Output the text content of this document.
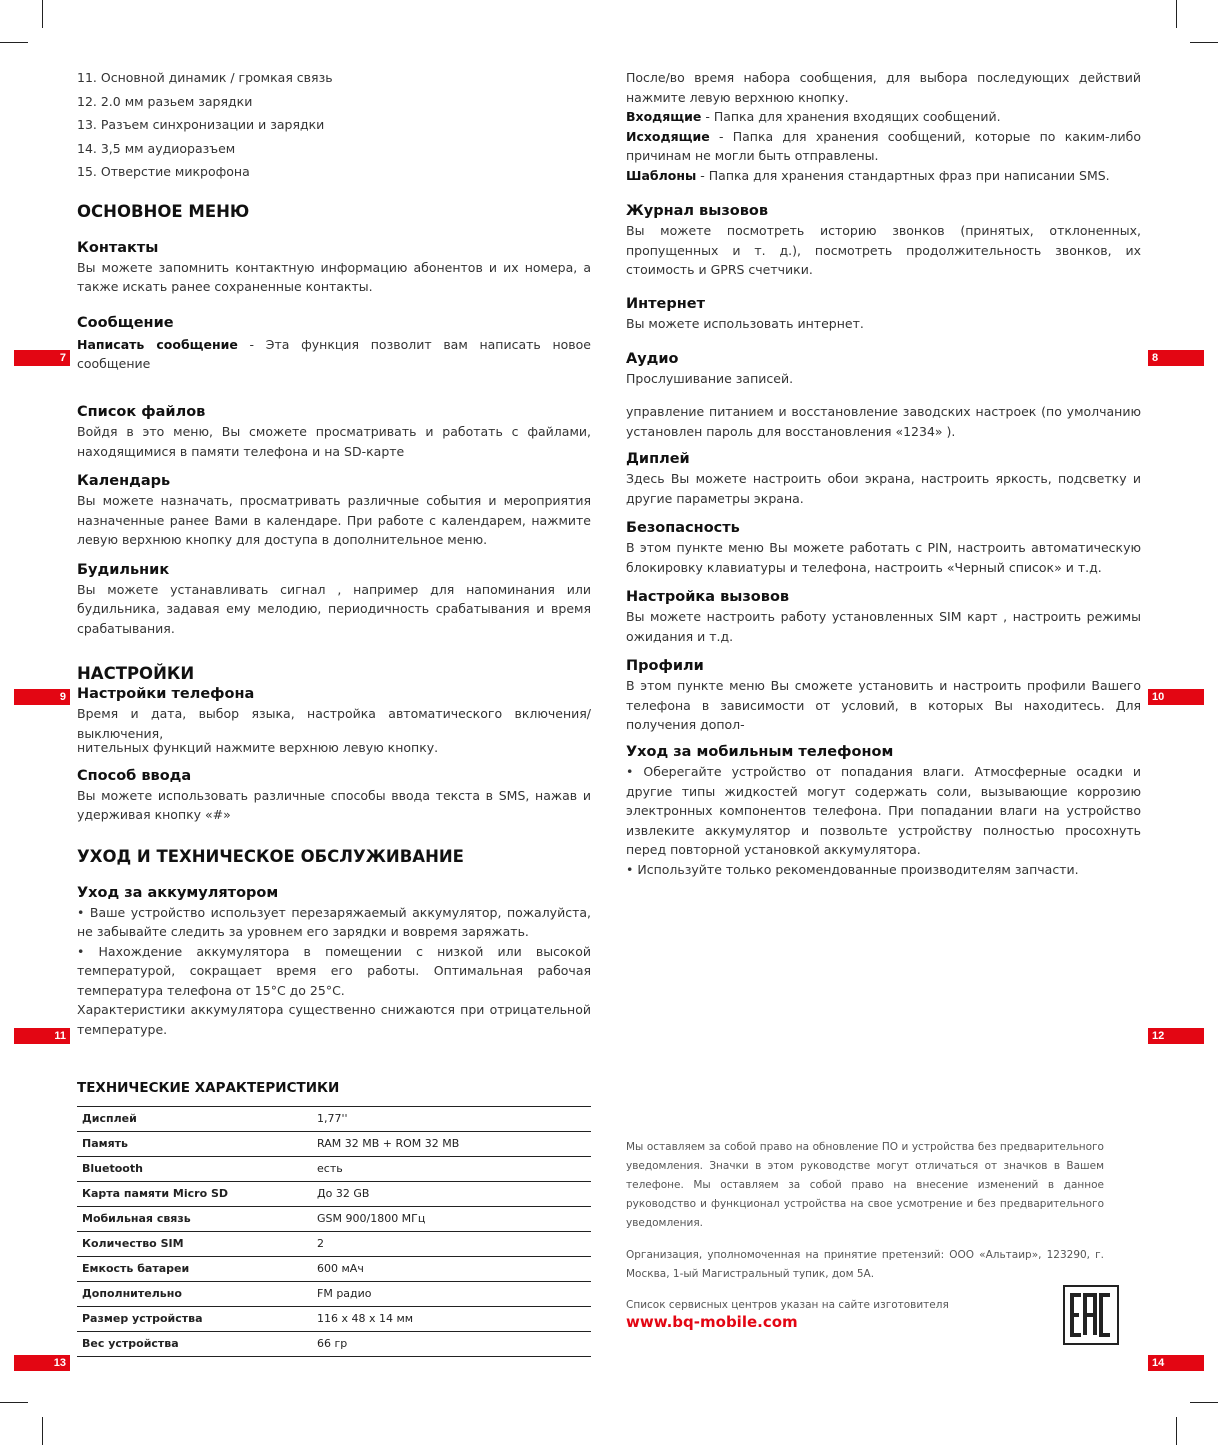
7	8
9	10
11	12
13	14
11. Основной динамик / громкая связь
12. 2.0 мм разьем зарядки
13. Разъем синхронизации и зарядки
14. 3,5 мм аудиоразъем
15. Отверстие микрофона
ОСНОВНОЕ МЕНЮ
Контакты

Вы можете запомнить контактную информацию абонентов и их номера, а также искать ранее сохраненные контакты.

Сообщение

Написать сообщение - Эта функция позволит вам написать новое сообщение

После/во время набора сообщения, для выбора последующих действий нажмите левую верхнюю кнопку.

Входящие - Папка для хранения входящих сообщений.

Исходящие - Папка для хранения сообщений, которые по каким-либо причинам не могли быть отправлены.

Шаблоны - Папка для хранения стандартных фраз при написании SMS.

Журнал вызовов

Вы можете посмотреть историю звонков (принятых, отклоненных, пропущенных и т. д.), посмотреть продолжительность звонков, их стоимость и GPRS счетчики.

Интернет

Вы можете использовать интернет.

Аудио

Прослушивание записей.

Список файлов

Войдя в это меню, Вы сможете просматривать и работать с файлами, находящимися в памяти телефона и на SD-карте

Календарь

Вы можете назначать, просматривать различные события и мероприятия назначенные ранее Вами в календаре. При работе с календарем, нажмите левую верхнюю кнопку для доступа в дополнительное меню.

Будильник

Вы можете устанавливать сигнал , например для напоминания или будильника, задавая ему мелодию, периодичность срабатывания и время срабатывания.

НАСТРОЙКИ
Настройки телефона

Время и дата, выбор языка, настройка автоматического включения/выключения,

управление питанием и восстановление заводских настроек (по умолчанию установлен пароль для восстановления «1234» ).

Диплей

Здесь Вы можете настроить обои экрана, настроить яркость, подсветку и другие параметры экрана.

Безопасность

В этом пункте меню Вы можете работать с PIN, настроить автоматическую блокировку клавиатуры и телефона, настроить «Черный список» и т.д.

Настройка вызовов

Вы можете настроить работу установленных SIM карт , настроить режимы ожидания и т.д.

Профили

В этом пункте меню Вы сможете установить и настроить профили Вашего телефона в зависимости от условий, в которых Вы находитесь. Для получения допол-

нительных функций нажмите верхнюю левую кнопку.

Способ ввода

Вы можете использовать различные способы ввода текста в SMS, нажав и удерживая кнопку «#»

УХОД И ТЕХНИЧЕСКОЕ ОБСЛУЖИВАНИЕ
Уход за аккумулятором

• Ваше устройство использует перезаряжаемый аккумулятор, пожалуйста, не забывайте следить за уровнем его зарядки и вовремя заряжать.

• Нахождение аккумулятора в помещении с низкой или высокой температурой, сокращает время его работы. Оптимальная рабочая температура телефона от 15°С до 25°С.

Характеристики аккумулятора существенно снижаются при отрицательной температуре.

Уход за мобильным телефоном

• Оберегайте устройство от попадания влаги. Атмосферные осадки и другие типы жидкостей могут содержать соли, вызывающие коррозию электронных компонентов телефона. При попадании влаги на устройство извлеките аккумулятор и позвольте устройству полностью просохнуть перед повторной установкой аккумулятора.

• Используйте только рекомендованные производителям запчасти.

ТЕХНИЧЕСКИЕ ХАРАКТЕРИСТИКИ
Дисплей	1,77''
Память	RAM 32 MB + ROM 32 MB
Bluetooth	есть
Карта памяти Micro SD	До 32 GB
Мобильная связь	GSM 900/1800 МГц
Количество SIM	2
Емкость батареи	600 мАч
Дополнительно	FM радио
Размер устройства	116 х 48 х 14 мм
Вес устройства	66 гр

Мы оставляем за собой право на обновление ПО и устройства без предварительного уведомления. Значки в этом руководстве могут отличаться от значков в Вашем телефоне. Мы оставляем за собой право на внесение изменений в данное руководство и функционал устройства на свое усмотрение и без предварительного уведомления.

Организация, уполномоченная на принятие претензий: ООО «Альтаир», 123290, г. Москва, 1-ый Магистральный тупик, дом 5А.

Список сервисных центров указан на сайте изготовителя

www.bq-mobile.com
